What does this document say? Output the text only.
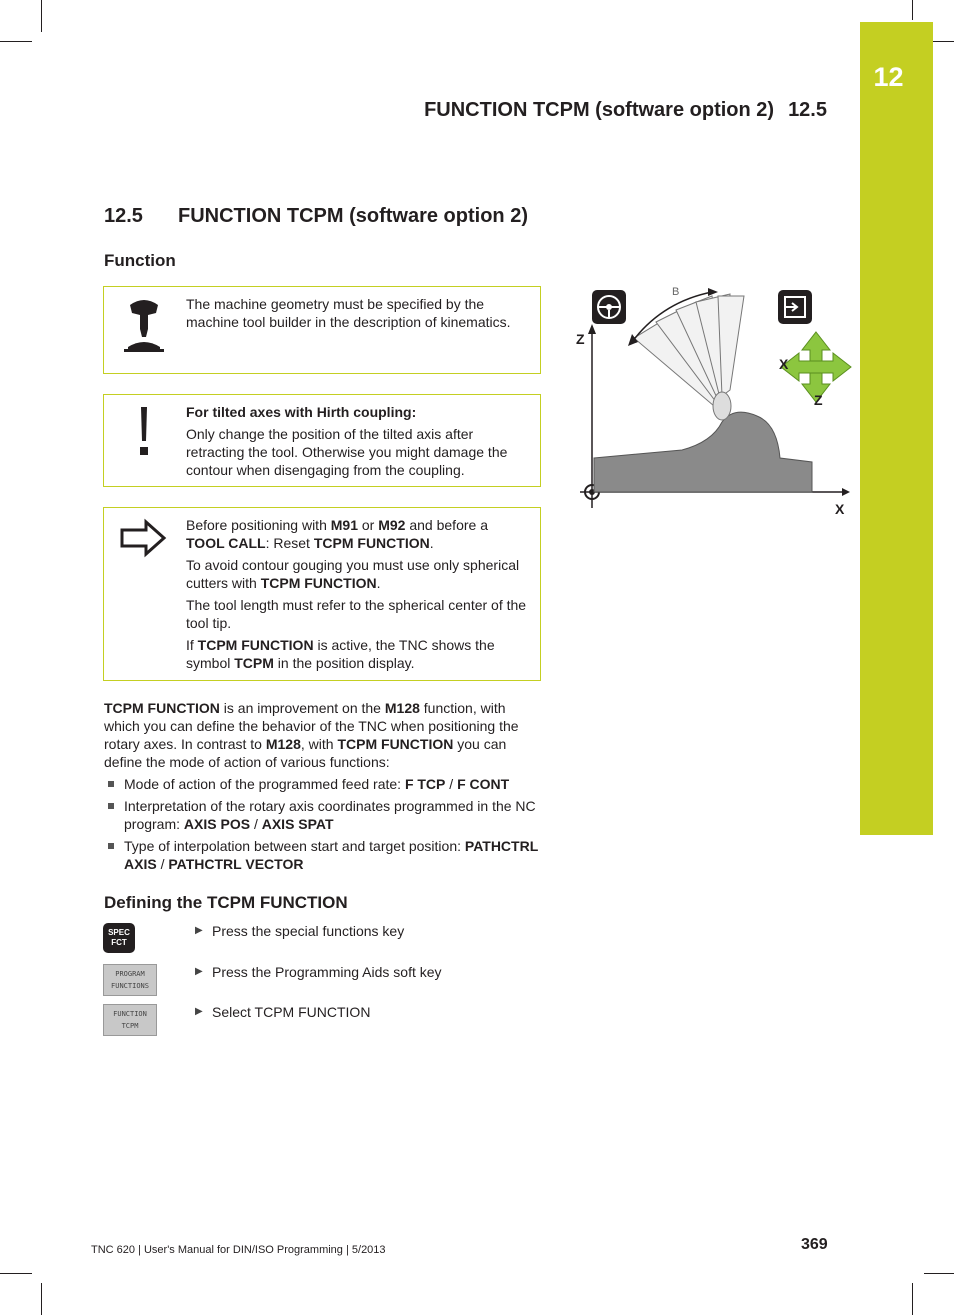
12
FUNCTION TCPM (software option 2) 12.5
12.5 FUNCTION TCPM (software option 2)
Function

The machine geometry must be specified by the machine tool builder in the description of kinematics.

For tilted axes with Hirth coupling:

Only change the position of the tilted axis after retracting the tool. Otherwise you might damage the contour when disengaging from the coupling.

Before positioning with M91 or M92 and before a TOOL CALL: Reset TCPM FUNCTION.

To avoid contour gouging you must use only spherical cutters with TCPM FUNCTION.

The tool length must refer to the spherical center of the tool tip.

If TCPM FUNCTION is active, the TNC shows the symbol TCPM in the position display.

B
Z
X
Z
X
TCPM FUNCTION is an improvement on the M128 function, with which you can define the behavior of the TNC when positioning the rotary axes. In contrast to M128, with TCPM FUNCTION you can define the mode of action of various functions:
Mode of action of the programmed feed rate: F TCP / F CONT
Interpretation of the rotary axis coordinates programmed in the NC program: AXIS POS / AXIS SPAT
Type of interpolation between start and target position: PATHCTRL AXIS / PATHCTRL VECTOR
Defining the TCPM FUNCTION
SPEC
FCT
▶ Press the special functions key
PROGRAM
FUNCTIONS
▶ Press the Programming Aids soft key
FUNCTION
TCPM
▶ Select TCPM FUNCTION
TNC 620 | User's Manual for DIN/ISO Programming | 5/2013	369
